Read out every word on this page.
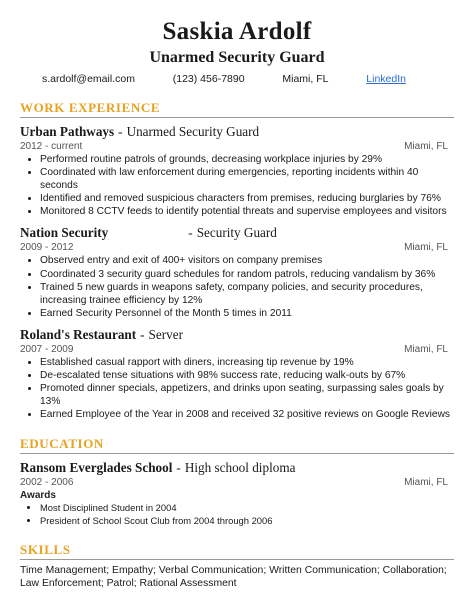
Saskia Ardolf
Unarmed Security Guard
s.ardolf@email.com	(123) 456-7890	Miami, FL	LinkedIn
WORK EXPERIENCE
Urban Pathways - Unarmed Security Guard
2012 - current	Miami, FL
• Performed routine patrols of grounds, decreasing workplace injuries by 29%
• Coordinated with law enforcement during emergencies, reporting incidents within 40 seconds
• Identified and removed suspicious characters from premises, reducing burglaries by 76%
• Monitored 8 CCTV feeds to identify potential threats and supervise employees and visitors
Nation Security	- Security Guard
2009 - 2012	Miami, FL
• Observed entry and exit of 400+ visitors on company premises
• Coordinated 3 security guard schedules for random patrols, reducing vandalism by 36%
• Trained 5 new guards in weapons safety, company policies, and security procedures, increasing trainee efficiency by 12%
• Earned Security Personnel of the Month 5 times in 2011
Roland's Restaurant - Server
2007 - 2009	Miami, FL
• Established casual rapport with diners, increasing tip revenue by 19%
• De-escalated tense situations with 98% success rate, reducing walk-outs by 67%
• Promoted dinner specials, appetizers, and drinks upon seating, surpassing sales goals by 13%
• Earned Employee of the Year in 2008 and received 32 positive reviews on Google Reviews
EDUCATION
Ransom Everglades School - High school diploma
2002 - 2006	Miami, FL
Awards
• Most Disciplined Student in 2004
• President of School Scout Club from 2004 through 2006
SKILLS
Time Management; Empathy; Verbal Communication; Written Communication; Collaboration; Law Enforcement; Patrol; Rational Assessment
